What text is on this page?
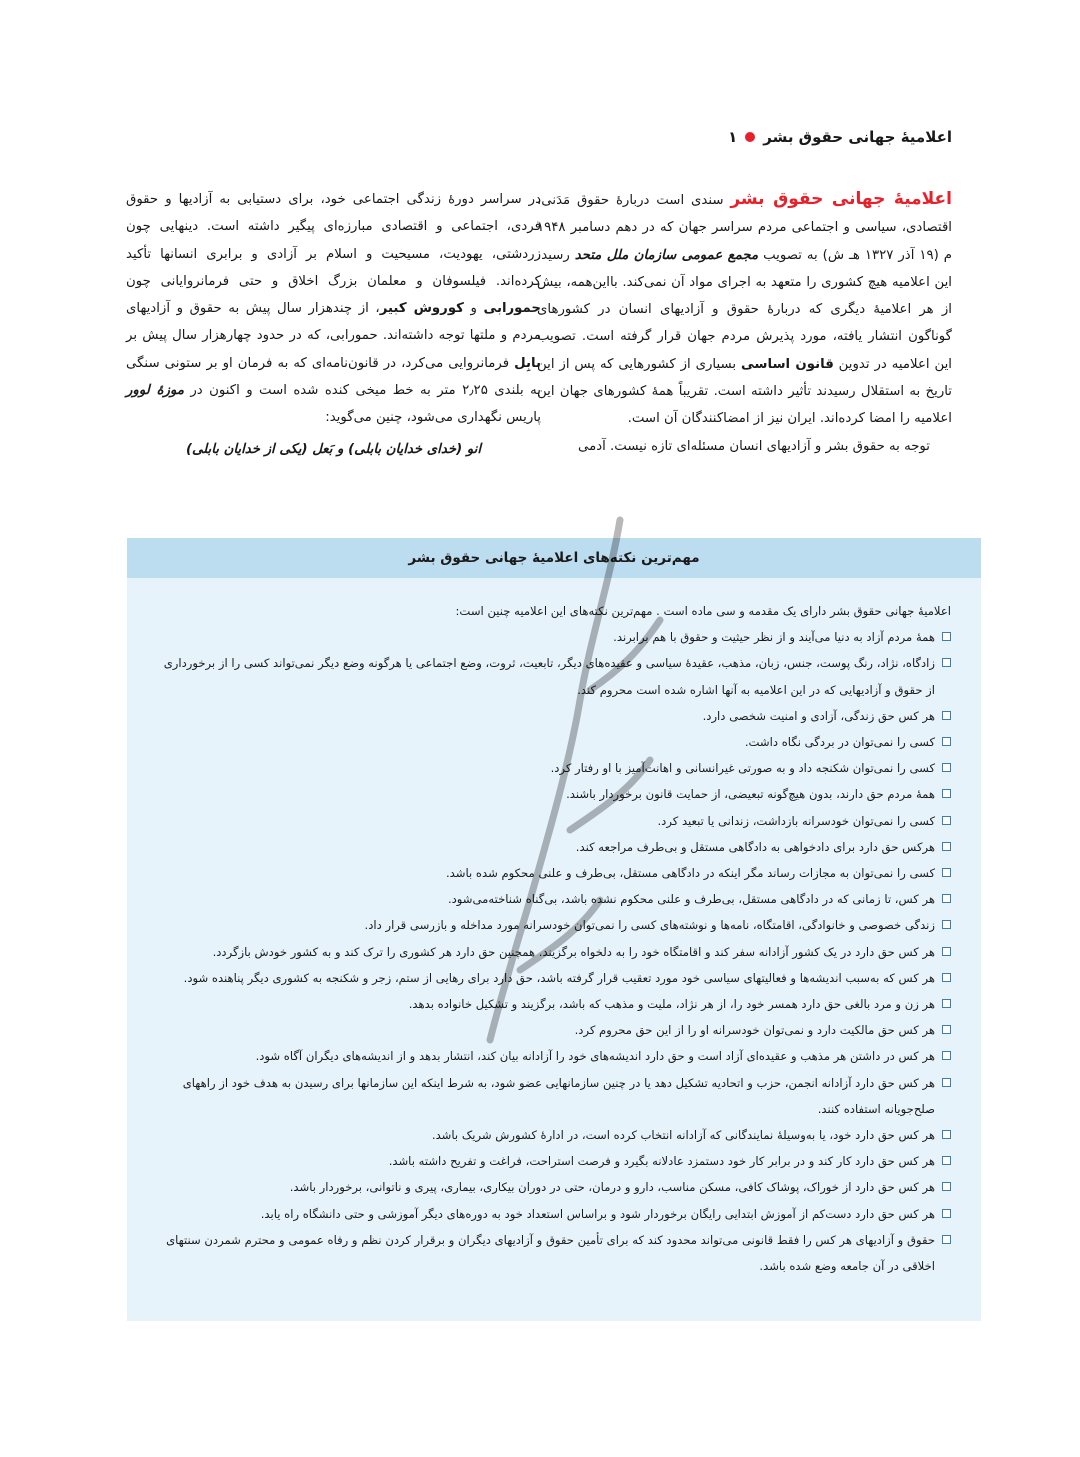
اعلامیهٔ جهانی حقوق بشر
۱

اعلامیهٔ جهانی حقوق بشر سندی است دربارهٔ حقوق مَدَنی، اقتصادی، سیاسی و اجتماعی مردم سراسر جهان که در دهم دسامبر ۱۹۴۸ م (۱۹ آذر ۱۳۲۷ هـ ش) به تصویب مجمع عمومی سازمان ملل متحد رسید. این اعلامیه هیچ کشوری را متعهد به اجرای مواد آن نمی‌کند. بااین‌همه، بیش از هر اعلامیهٔ دیگری که دربارهٔ حقوق و آزادیهای انسان در کشورهای گوناگون انتشار یافته، مورد پذیرش مردم جهان قرار گرفته است. تصویب این اعلامیه در تدوین قانون اساسی بسیاری از کشورهایی که پس از این تاریخ به استقلال رسیدند تأثیر داشته است. تقریباً همهٔ کشورهای جهان این اعلامیه را امضا کرده‌اند. ایران نیز از امضاکنندگان آن است.

توجه به حقوق بشر و آزادیهای انسان مسئله‌ای تازه نیست. آدمی

در سراسر دورهٔ زندگی اجتماعی خود، برای دستیابی به آزادیها و حقوق فردی، اجتماعی و اقتصادی مبارزه‌ای پیگیر داشته است. دینهایی چون زردشتی، یهودیت، مسیحیت و اسلام بر آزادی و برابری انسانها تأکید کرده‌اند. فیلسوفان و معلمان بزرگ اخلاق و حتی فرمانروایانی چون حمورابی و کوروش کبیر، از چندهزار سال پیش به حقوق و آزادیهای مردم و ملتها توجه داشته‌اند. حمورابی، که در حدود چهارهزار سال پیش بر بابِل فرمانروایی می‌کرد، در قانون‌نامه‌ای که به فرمان او بر ستونی سنگی به بلندی ۲٫۲۵ متر به خط میخی کنده شده است و اکنون در موزهٔ لوور پاریس نگهداری می‌شود، چنین می‌گوید:

انو (خدای خدایان بابلی) و بَعل (یکی از خدایان بابلی)

مهم‌ترین نکته‌های اعلامیهٔ جهانی حقوق بشر

اعلامیهٔ جهانی حقوق بشر دارای یک مقدمه و سی ماده است . مهم‌ترین نکته‌های این اعلامیه چنین است:

همهٔ مردم آزاد به دنیا می‌آیند و از نظر حیثیت و حقوق با هم برابرند.
زادگاه، نژاد، رنگ پوست، جنس، زبان، مذهب، عقیدهٔ سیاسی و عقیده‌های دیگر، تابعیت، ثروت، وضع اجتماعی یا هرگونه وضع دیگر نمی‌تواند کسی را از برخورداری از حقوق و آزادیهایی که در این اعلامیه به آنها اشاره شده است محروم کند.
هر کس حق زندگی، آزادی و امنیت شخصی دارد.
کسی را نمی‌توان در بردگی نگاه داشت.
کسی را نمی‌توان شکنجه داد و به صورتی غیرانسانی و اهانت‌آمیز با او رفتار کرد.
همهٔ مردم حق دارند، بدون هیچ‌گونه تبعیضی، از حمایت قانون برخوردار باشند.
کسی را نمی‌توان خودسرانه بازداشت، زندانی یا تبعید کرد.
هرکس حق دارد برای دادخواهی به دادگاهی مستقل و بی‌طرف مراجعه کند.
کسی را نمی‌توان به مجازات رساند مگر اینکه در دادگاهی مستقل، بی‌طرف و علنی محکوم شده باشد.
هر کس، تا زمانی که در دادگاهی مستقل، بی‌طرف و علنی محکوم نشده باشد، بی‌گناه شناخته‌می‌شود.
زندگی خصوصی و خانوادگی، اقامتگاه، نامه‌ها و نوشته‌های کسی را نمی‌توان خودسرانه مورد مداخله و بازرسی قرار داد.
هر کس حق دارد در یک کشور آزادانه سفر کند و اقامتگاه خود را به دلخواه برگزیند. همچنین حق دارد هر کشوری را ترک کند و به کشور خودش بازگردد.
هر کس که به‌سبب اندیشه‌ها و فعالیتهای سیاسی خود مورد تعقیب قرار گرفته باشد، حق دارد برای رهایی از ستم، زجر و شکنجه به کشوری دیگر پناهنده شود.
هر زن و مرد بالغی حق دارد همسر خود را، از هر نژاد، ملیت و مذهب که باشد، برگزیند و تشکیل خانواده بدهد.
هر کس حق مالکیت دارد و نمی‌توان خودسرانه او را از این حق محروم کرد.
هر کس در داشتن هر مذهب و عقیده‌ای آزاد است و حق دارد اندیشه‌های خود را آزادانه بیان کند، انتشار بدهد و از اندیشه‌های دیگران آگاه شود.
هر کس حق دارد آزادانه انجمن، حزب و اتحادیه تشکیل دهد یا در چنین سازمانهایی عضو شود، به شرط اینکه این سازمانها برای رسیدن به هدف خود از راههای صلح‌جویانه استفاده کنند.
هر کس حق دارد خود، یا به‌وسیلهٔ نمایندگانی که آزادانه انتخاب کرده است، در ادارهٔ کشورش شریک باشد.
هر کس حق دارد کار کند و در برابر کار خود دستمزد عادلانه بگیرد و فرصت استراحت، فراغت و تفریح داشته باشد.
هر کس حق دارد از خوراک، پوشاک کافی، مسکن مناسب، دارو و درمان، حتی در دوران بیکاری، بیماری، پیری و ناتوانی، برخوردار باشد.
هر کس حق دارد دست‌کم از آموزش ابتدایی رایگان برخوردار شود و براساس استعداد خود به دوره‌های دیگر آموزشی و حتی دانشگاه راه یابد.
حقوق و آزادیهای هر کس را فقط قانونی می‌تواند محدود کند که برای تأمین حقوق و آزادیهای دیگران و برقرار کردن نظم و رفاه عمومی و محترم شمردن سنتهای اخلاقی در آن جامعه وضع شده باشد.
